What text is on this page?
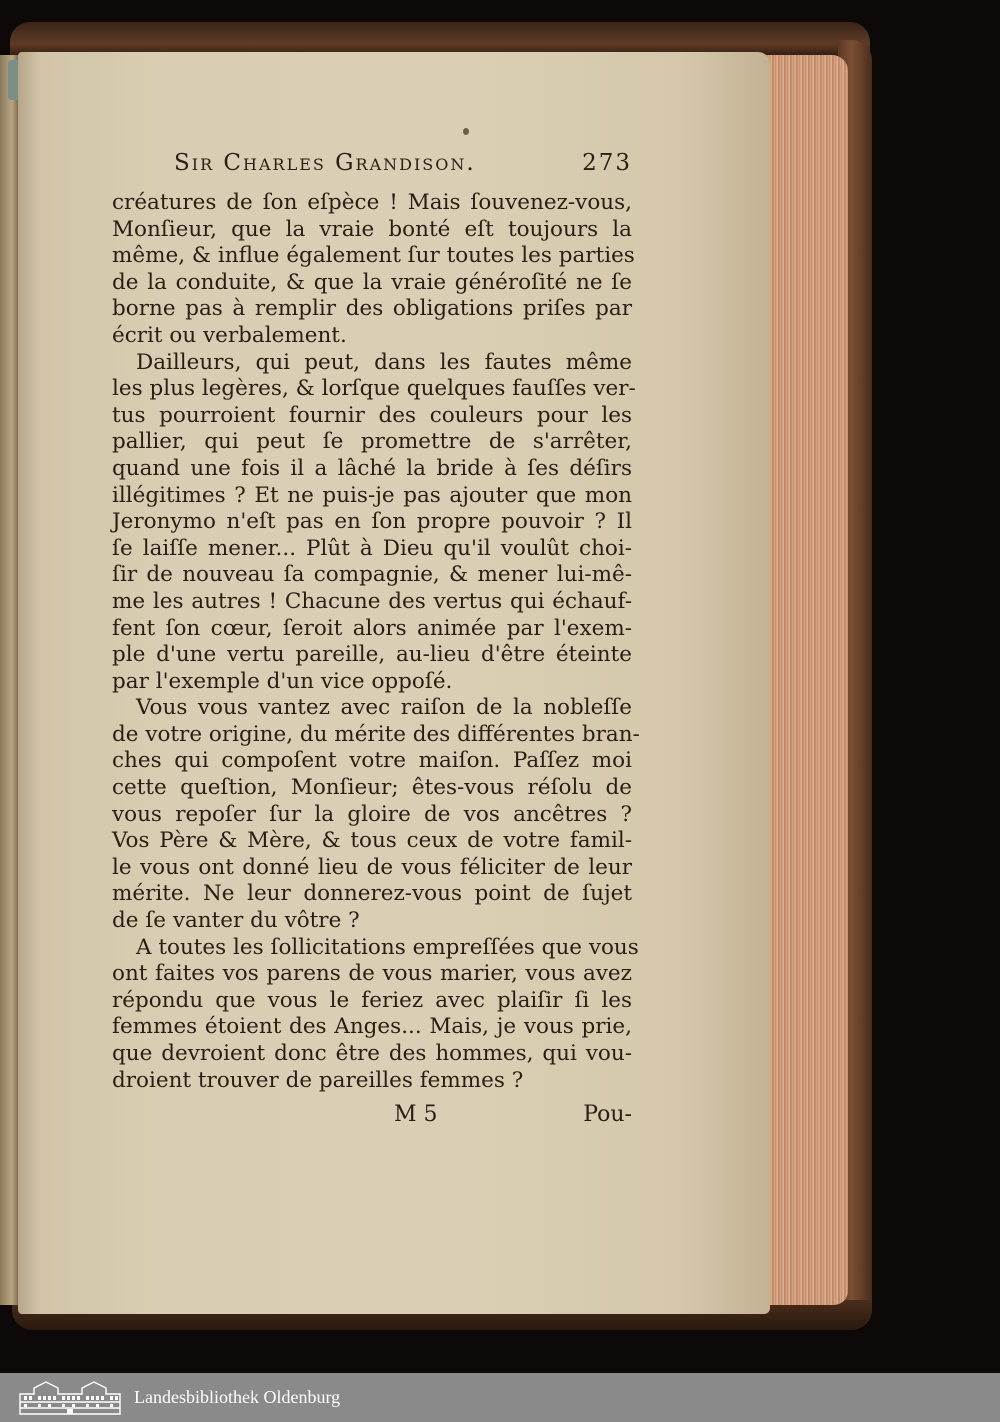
Sir Charles Grandison.	273
créatures de ſon eſpèce ! Mais ſouvenez-vous,
Monſieur, que la vraie bonté eſt toujours la
même, & influe également ſur toutes les parties
de la conduite, & que la vraie généroſité ne ſe
borne pas à remplir des obligations priſes par
écrit ou verbalement.
Dailleurs, qui peut, dans les fautes même
les plus legères, & lorſque quelques fauſſes ver-
tus pourroient fournir des couleurs pour les
pallier, qui peut ſe promettre de s'arrêter,
quand une fois il a lâché la bride à ſes déſirs
illégitimes ? Et ne puis-je pas ajouter que mon
Jeronymo n'eſt pas en ſon propre pouvoir ? Il
ſe laiſſe mener... Plût à Dieu qu'il voulût choi-
ſir de nouveau ſa compagnie, & mener lui-mê-
me les autres ! Chacune des vertus qui échauf-
fent ſon cœur, ſeroit alors animée par l'exem-
ple d'une vertu pareille, au-lieu d'être éteinte
par l'exemple d'un vice oppoſé.
Vous vous vantez avec raiſon de la nobleſſe
de votre origine, du mérite des différentes bran-
ches qui compoſent votre maiſon. Paſſez moi
cette queſtion, Monſieur; êtes-vous réſolu de
vous repoſer ſur la gloire de vos ancêtres ?
Vos Père & Mère, & tous ceux de votre famil-
le vous ont donné lieu de vous féliciter de leur
mérite. Ne leur donnerez-vous point de ſujet
de ſe vanter du vôtre ?
A toutes les ſollicitations empreſſées que vous
ont faites vos parens de vous marier, vous avez
répondu que vous le feriez avec plaiſir ſi les
femmes étoient des Anges... Mais, je vous prie,
que devroient donc être des hommes, qui vou-
droient trouver de pareilles femmes ?
M 5	Pou-
Landesbibliothek Oldenburg
